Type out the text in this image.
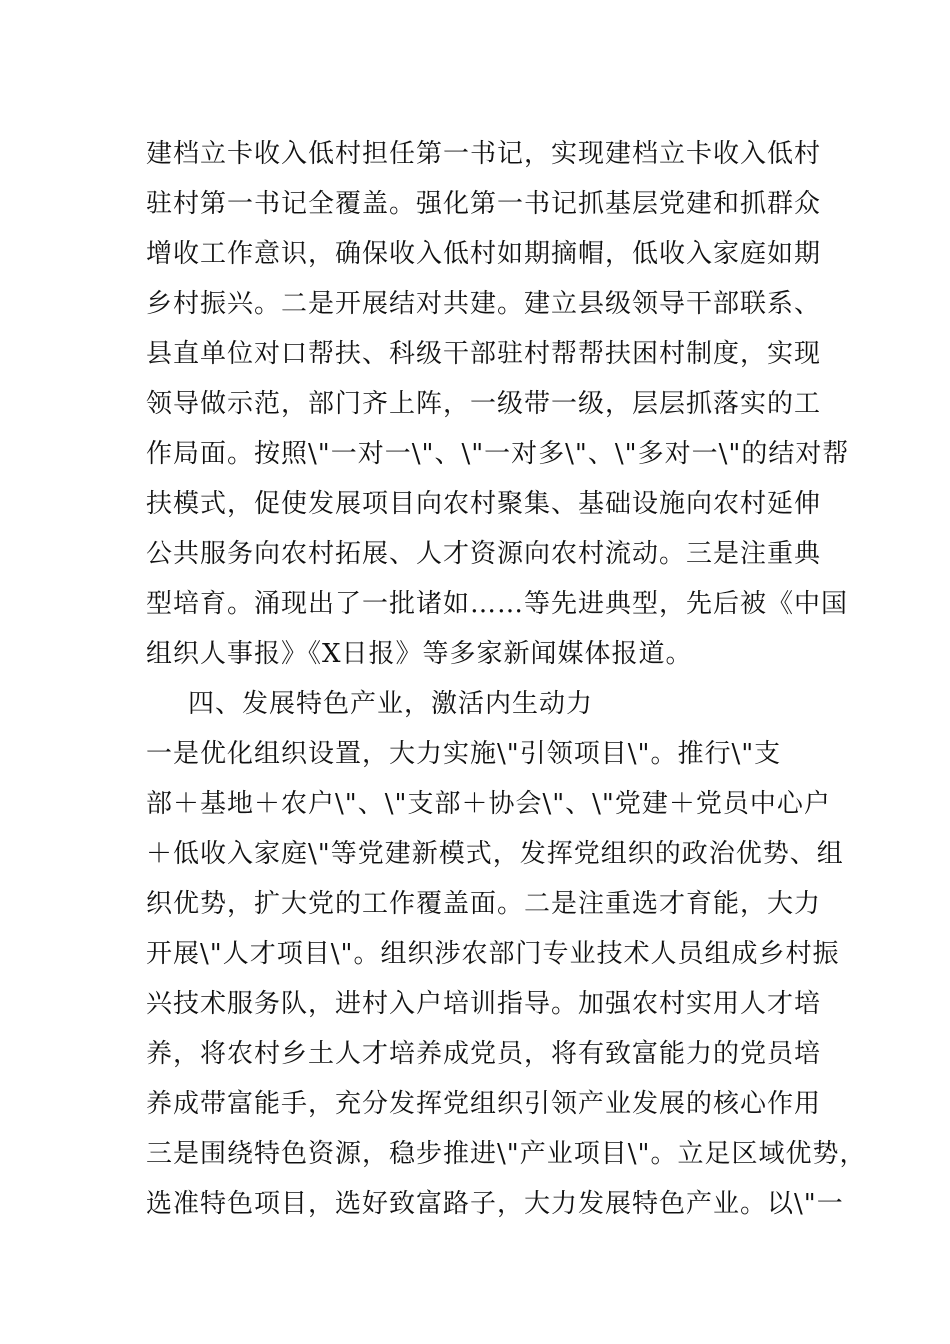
建档立卡收入低村担任第一书记，实现建档立卡收入低村
驻村第一书记全覆盖。强化第一书记抓基层党建和抓群众
增收工作意识，确保收入低村如期摘帽，低收入家庭如期
乡村振兴。二是开展结对共建。建立县级领导干部联系、
县直单位对口帮扶、科级干部驻村帮帮扶困村制度，实现
领导做示范，部门齐上阵，一级带一级，层层抓落实的工
作局面。按照\"一对一\"、\"一对多\"、\"多对一\"的结对帮
扶模式，促使发展项目向农村聚集、基础设施向农村延伸
公共服务向农村拓展、人才资源向农村流动。三是注重典
型培育。涌现出了一批诸如……等先进典型，先后被《中国
组织人事报》《X日报》等多家新闻媒体报道。
四、发展特色产业，激活内生动力
一是优化组织设置，大力实施\"引领项目\"。推行\"支
部＋基地＋农户\"、\"支部＋协会\"、\"党建＋党员中心户
＋低收入家庭\"等党建新模式，发挥党组织的政治优势、组
织优势，扩大党的工作覆盖面。二是注重选才育能，大力
开展\"人才项目\"。组织涉农部门专业技术人员组成乡村振
兴技术服务队，进村入户培训指导。加强农村实用人才培
养，将农村乡土人才培养成党员，将有致富能力的党员培
养成带富能手，充分发挥党组织引领产业发展的核心作用
三是围绕特色资源，稳步推进\"产业项目\"。立足区域优势，
选准特色项目，选好致富路子，大力发展特色产业。以\"一
